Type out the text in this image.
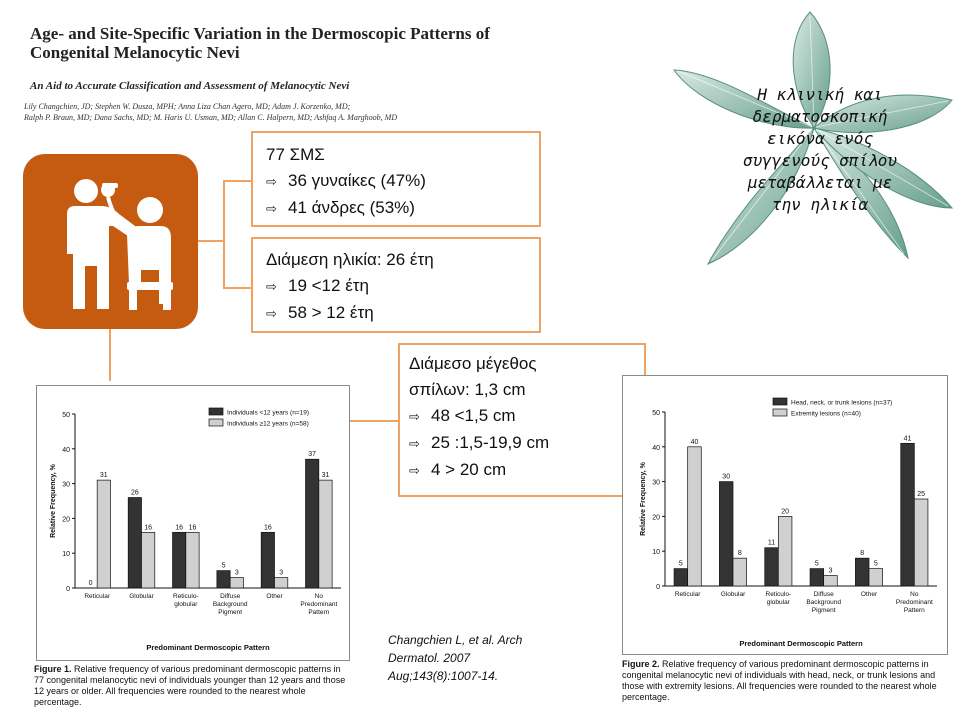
Age- and Site-Specific Variation in the Dermoscopic Patterns of Congenital Melanocytic Nevi
An Aid to Accurate Classification and Assessment of Melanocytic Nevi
Lily Changchien, JD; Stephen W. Dusza, MPH; Anna Liza Chan Agero, MD; Adam J. Korzenko, MD;
Ralph P. Braun, MD; Dana Sachs, MD; M. Haris U. Usman, MD; Allan C. Halpern, MD; Ashfaq A. Marghoob, MD
77 ΣΜΣ
⇨ 36 γυναίκες (47%)
⇨ 41 άνδρες (53%)
Διάμεση ηλικία: 26 έτη
⇨ 19 <12 έτη
⇨ 58 > 12 έτη
Η κλινική και
δερματοσκοπική
εικόνα ενός
συγγενούς σπίλου
μεταβάλλεται με
την ηλικία
0
10
20
30
40
50
Relative Frequency, %
0
31
Reticular
26
16
Globular
16 16
Reticulo-
globular
5
3
Diffuse
Background
Pigment
16
3
Other
37
31
No
Predominant
Pattern
Predominant Dermoscopic Pattern
Individuals <12 years (n=19)
Individuals ≥12 years (n=58)
Figure 1. Relative frequency of various predominant dermoscopic patterns in 77 congenital melanocytic nevi of individuals younger than 12 years and those 12 years or older. All frequencies were rounded to the nearest whole percentage.
Διάμεσο μέγεθος
σπίλων: 1,3 cm
⇨ 48 <1,5 cm
⇨ 25 :1,5-19,9 cm
⇨ 4 > 20 cm
Changchien L, et al. Arch
Dermatol. 2007
Aug;143(8):1007-14.
0
10
20
30
40
50
Relative Frequency, %
5
40
Reticular
30
8
Globular
11
20
Reticulo-
globular
5
3
Diffuse
Background
Pigment
8
5
Other
41
25
No
Predominant
Pattern
Predominant Dermoscopic Pattern
Head, neck, or trunk lesions (n=37)
Extremity lesions (n=40)
Figure 2. Relative frequency of various predominant dermoscopic patterns in congenital melanocytic nevi of individuals with head, neck, or trunk lesions and those with extremity lesions. All frequencies were rounded to the nearest whole percentage.
